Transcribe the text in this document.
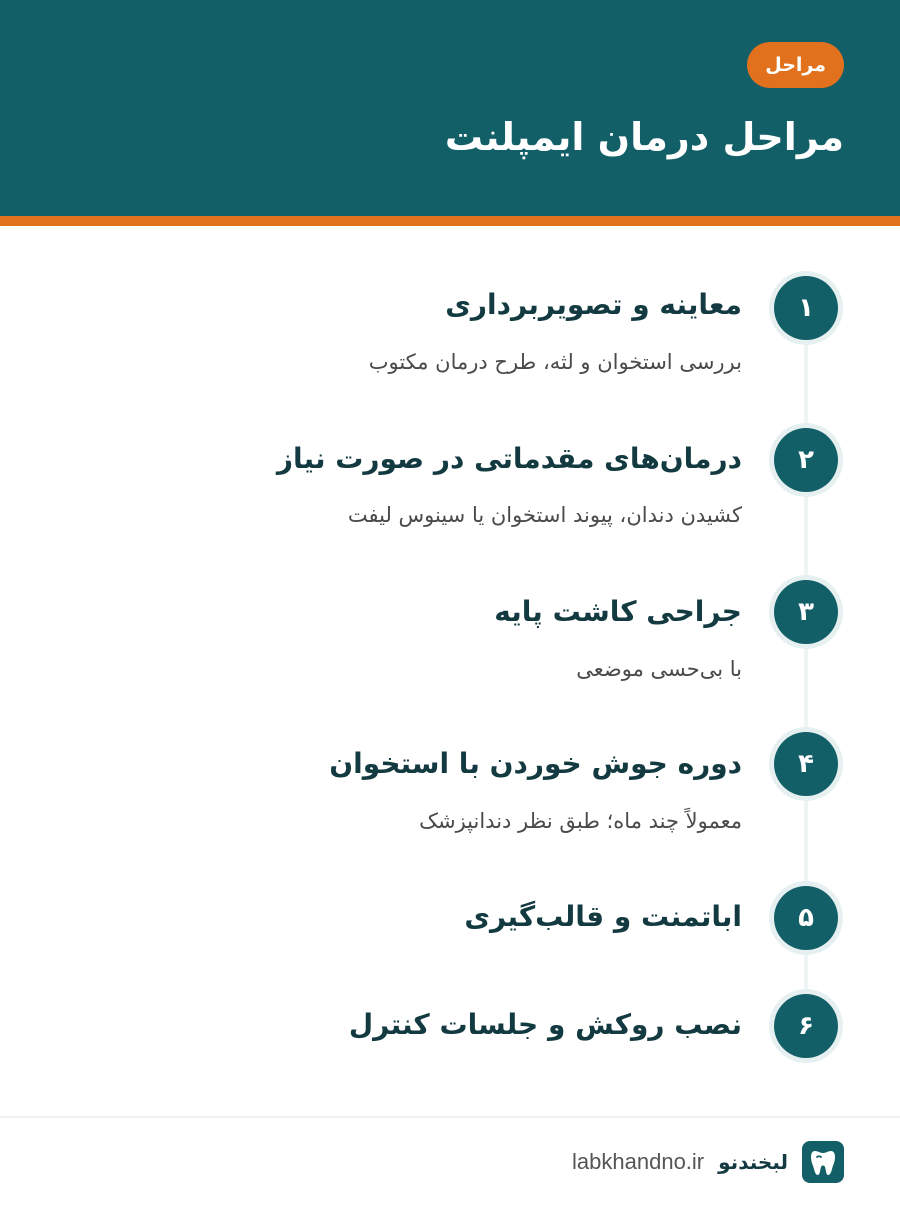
مراحل
مراحل درمان ایمپلنت
۱
معاینه و تصویربرداری
بررسی استخوان و لثه، طرح درمان مکتوب
۲
درمان‌های مقدماتی در صورت نیاز
کشیدن دندان، پیوند استخوان یا سینوس لیفت
۳
جراحی کاشت پایه
با بی‌حسی موضعی
۴
دوره جوش خوردن با استخوان
معمولاً چند ماه؛ طبق نظر دندانپزشک
۵
اباتمنت و قالب‌گیری
۶
نصب روکش و جلسات کنترل
لبخندنو
labkhandno.ir
